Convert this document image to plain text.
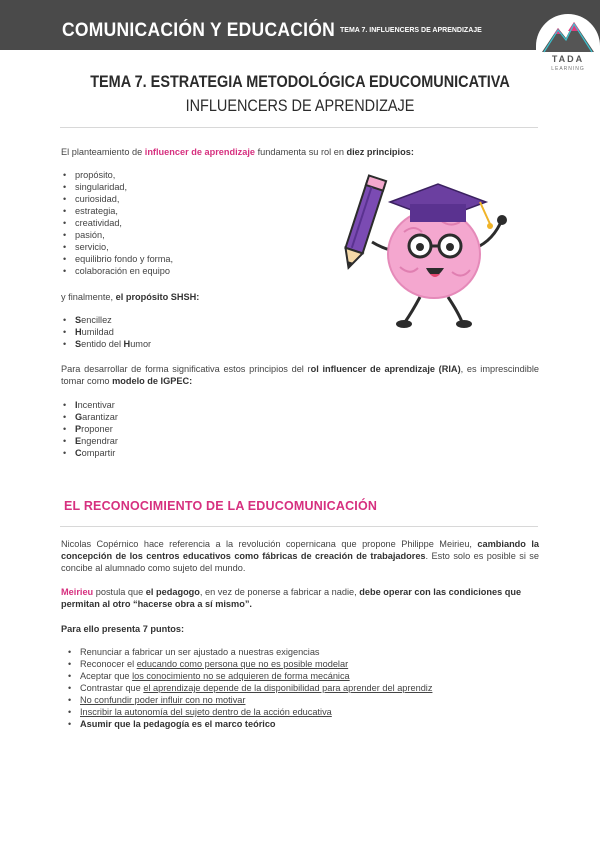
COMUNICACIÓN Y EDUCACIÓN TEMA 7. INFLUENCERS DE APRENDIZAJE
TADA
LEARNING
TEMA 7. ESTRATEGIA METODOLÓGICA EDUCOMUNICATIVA
INFLUENCERS DE APRENDIZAJE
El planteamiento de influencer de aprendizaje fundamenta su rol en diez principios:
• propósito,
• singularidad,
• curiosidad,
• estrategia,
• creatividad,
• pasión,
• servicio,
• equilibrio fondo y forma,
• colaboración en equipo
y finalmente, el propósito SHSH:
• Sencillez
• Humildad
• Sentido del Humor
Para desarrollar de forma significativa estos principios del rol influencer de aprendizaje (RIA), es imprescindible tomar como modelo de IGPEC:
• Incentivar
• Garantizar
• Proponer
• Engendrar
• Compartir
EL RECONOCIMIENTO DE LA EDUCOMUNICACIÓN
Nicolas Copérnico hace referencia a la revolución copernicana que propone Philippe Meirieu, cambiando la concepción de los centros educativos como fábricas de creación de trabajadores. Esto solo es posible si se concibe al alumnado como sujeto del mundo.
Meirieu postula que el pedagogo, en vez de ponerse a fabricar a nadie, debe operar con las condiciones que permitan al otro “hacerse obra a sí mismo”.
Para ello presenta 7 puntos:
• Renunciar a fabricar un ser ajustado a nuestras exigencias
• Reconocer el educando como persona que no es posible modelar
• Aceptar que los conocimiento no se adquieren de forma mecánica
• Contrastar que el aprendizaje depende de la disponibilidad para aprender del aprendiz
• No confundir poder influir con no motivar
• Inscribir la autonomía del sujeto dentro de la acción educativa
• Asumir que la pedagogía es el marco teórico
